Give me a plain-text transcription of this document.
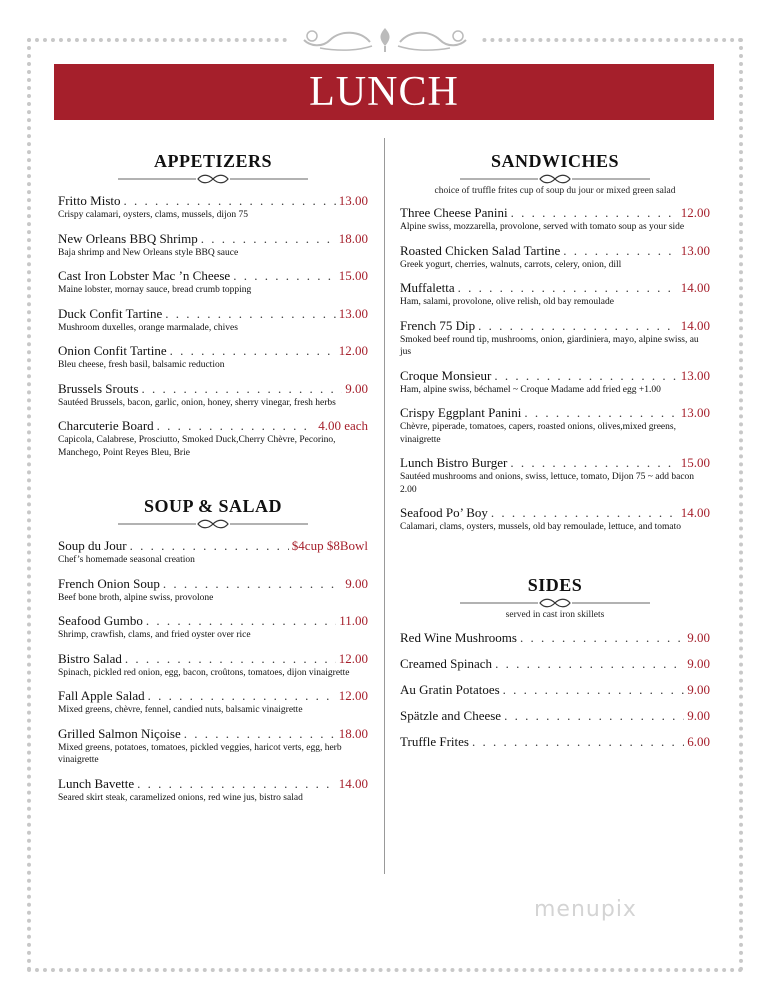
LUNCH
APPETIZERS
Fritto Misto . . .	13.00
Crispy calamari, oysters, clams, mussels, dijon 75
New Orleans BBQ Shrimp . . .	18.00
Baja shrimp and New Orleans style BBQ sauce
Cast Iron Lobster Mac ’n Cheese . . .	15.00
Maine lobster, mornay sauce, bread crumb topping
Duck Confit Tartine . . .	13.00
Mushroom duxelles, orange marmalade, chives
Onion Confit Tartine . . .	12.00
Bleu cheese, fresh basil, balsamic reduction
Brussels Srouts . . .	9.00
Sautéed Brussels, bacon, garlic, onion, honey, sherry vinegar, fresh herbs
Charcuterie Board . . .	4.00 each
Capicola, Calabrese, Prosciutto, Smoked Duck,Cherry Chèvre, Pecorino, Manchego, Point Reyes Bleu, Brie
SOUP & SALAD
Soup du Jour . . .	$4cup $8Bowl
Chef’s homemade seasonal creation
French Onion Soup . . .	9.00
Beef bone broth, alpine swiss, provolone
Seafood Gumbo . . .	11.00
Shrimp, crawfish, clams, and fried oyster over rice
Bistro Salad . . .	12.00
Spinach, pickled red onion, egg, bacon, croûtons, tomatoes, dijon vinaigrette
Fall Apple Salad . . .	12.00
Mixed greens, chèvre, fennel, candied nuts, balsamic vinaigrette
Grilled Salmon Niçoise . . .	18.00
Mixed greens, potatoes, tomatoes, pickled veggies, haricot verts, egg, herb vinaigrette
Lunch Bavette . . .	14.00
Seared skirt steak, caramelized onions, red wine jus, bistro salad
SANDWICHES
choice of truffle frites cup of soup du jour or mixed green salad
Three Cheese Panini . . .	12.00
Alpine swiss, mozzarella, provolone, served with tomato soup as your side
Roasted Chicken Salad Tartine . . .	13.00
Greek yogurt, cherries, walnuts, carrots, celery, onion, dill
Muffaletta . . .	14.00
Ham, salami, provolone, olive relish, old bay remoulade
French 75 Dip . . .	14.00
Smoked beef round tip, mushrooms, onion, giardiniera, mayo, alpine swiss, au jus
Croque Monsieur . . .	13.00
Ham, alpine swiss, béchamel ~ Croque Madame add fried egg +1.00
Crispy Eggplant Panini . . .	13.00
Chèvre, piperade, tomatoes, capers, roasted onions, olives,mixed greens, vinaigrette
Lunch Bistro Burger . . .	15.00
Sautéed mushrooms and onions, swiss, lettuce, tomato, Dijon 75 ~ add bacon 2.00
Seafood Po’ Boy . . .	14.00
Calamari, clams, oysters, mussels, old bay remoulade, lettuce, and tomato
SIDES
served in cast iron skillets
Red Wine Mushrooms . . .	9.00
Creamed Spinach . . .	9.00
Au Gratin Potatoes . . .	9.00
Spätzle and Cheese . . .	9.00
Truffle Frites . . .	6.00
menupix
